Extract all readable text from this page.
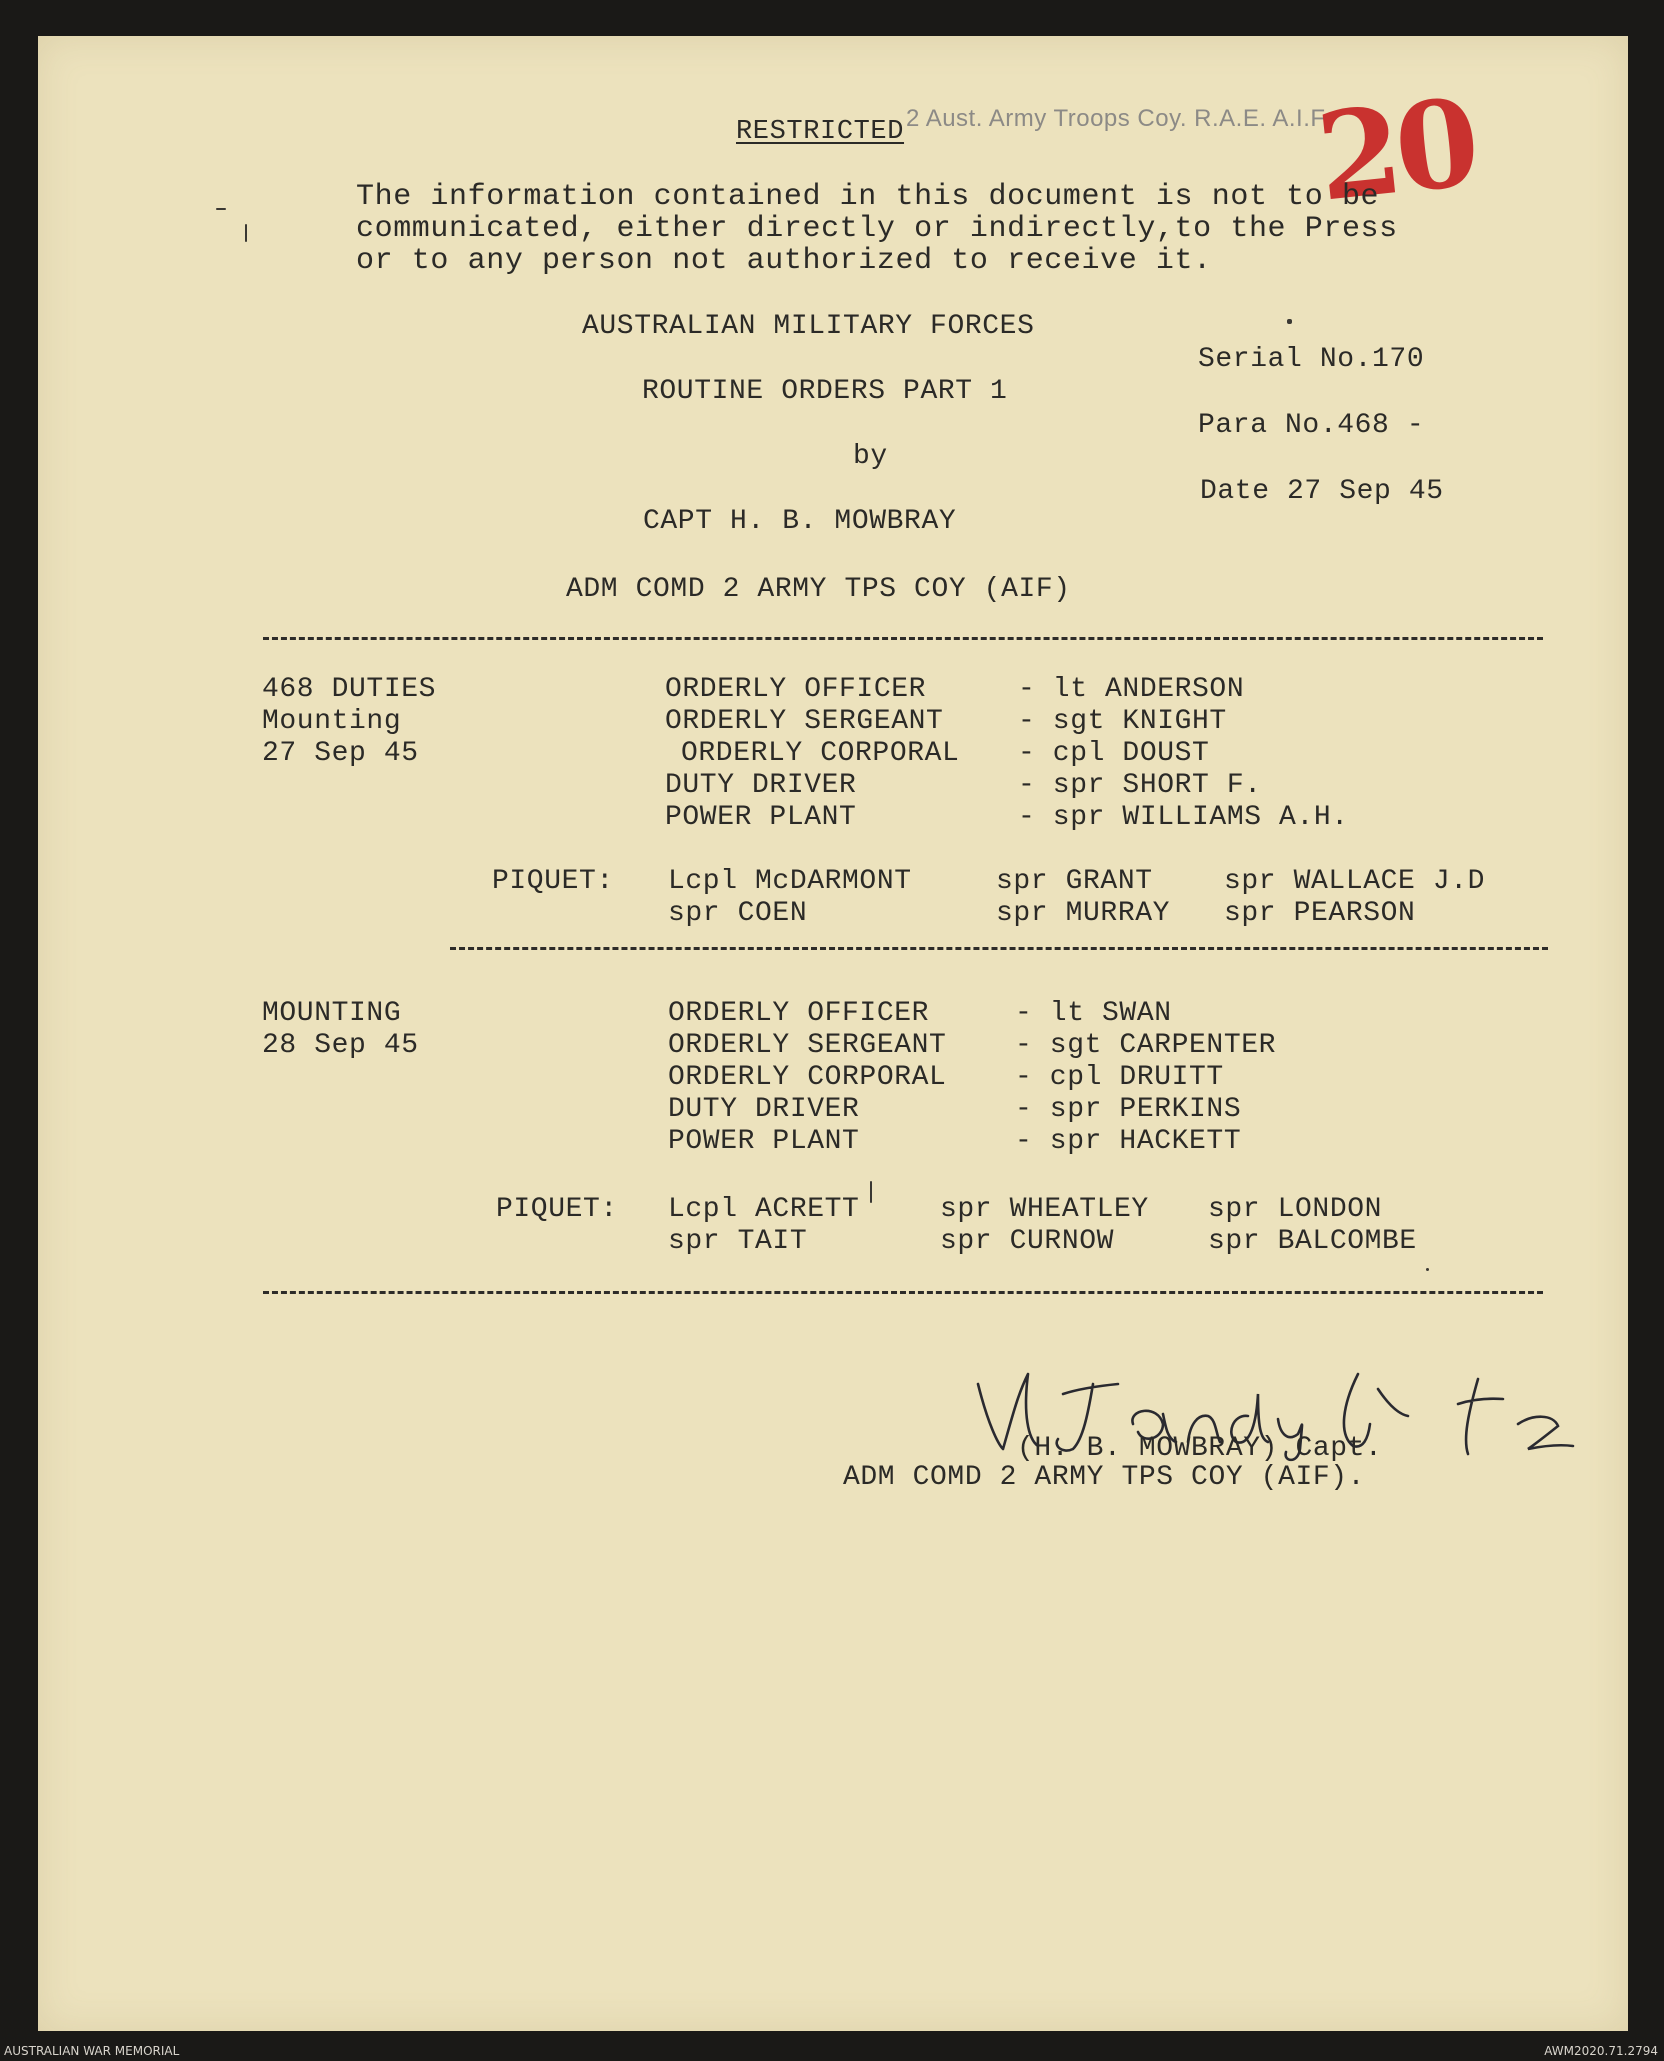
RESTRICTED 2 Aust. Army Troops Coy. R.A.E. A.I.F.
20
The information contained in this document is not to be
communicated, either directly or indirectly,to the Press
or to any person not authorized to receive it.
AUSTRALIAN MILITARY FORCES
ROUTINE ORDERS PART 1
by
CAPT H. B. MOWBRAY
ADM COMD 2 ARMY TPS COY (AIF)
Serial No.170
Para No.468 -
Date 27 Sep 45
468 DUTIES
Mounting
27 Sep 45
ORDERLY OFFICER	- lt ANDERSON
ORDERLY SERGEANT	- sgt KNIGHT
ORDERLY CORPORAL - cpl DOUST
DUTY DRIVER	- spr SHORT F.
POWER PLANT	- spr WILLIAMS A.H.
PIQUET: Lcpl McDARMONT	spr GRANT	spr WALLACE J.D
spr COEN	spr MURRAY spr PEARSON
MOUNTING
28 Sep 45
ORDERLY OFFICER	- lt SWAN
ORDERLY SERGEANT - sgt CARPENTER
ORDERLY CORPORAL - cpl DRUITT
DUTY DRIVER	- spr PERKINS
POWER PLANT	- spr HACKETT
PIQUET: Lcpl ACRETT	spr WHEATLEY spr LONDON
spr TAIT	spr CURNOW	spr BALCOMBE
(H. B. MOWBRAY) Capt.
ADM COMD 2 ARMY TPS COY (AIF).
AUSTRALIAN WAR MEMORIAL	AWM2020.71.2794
